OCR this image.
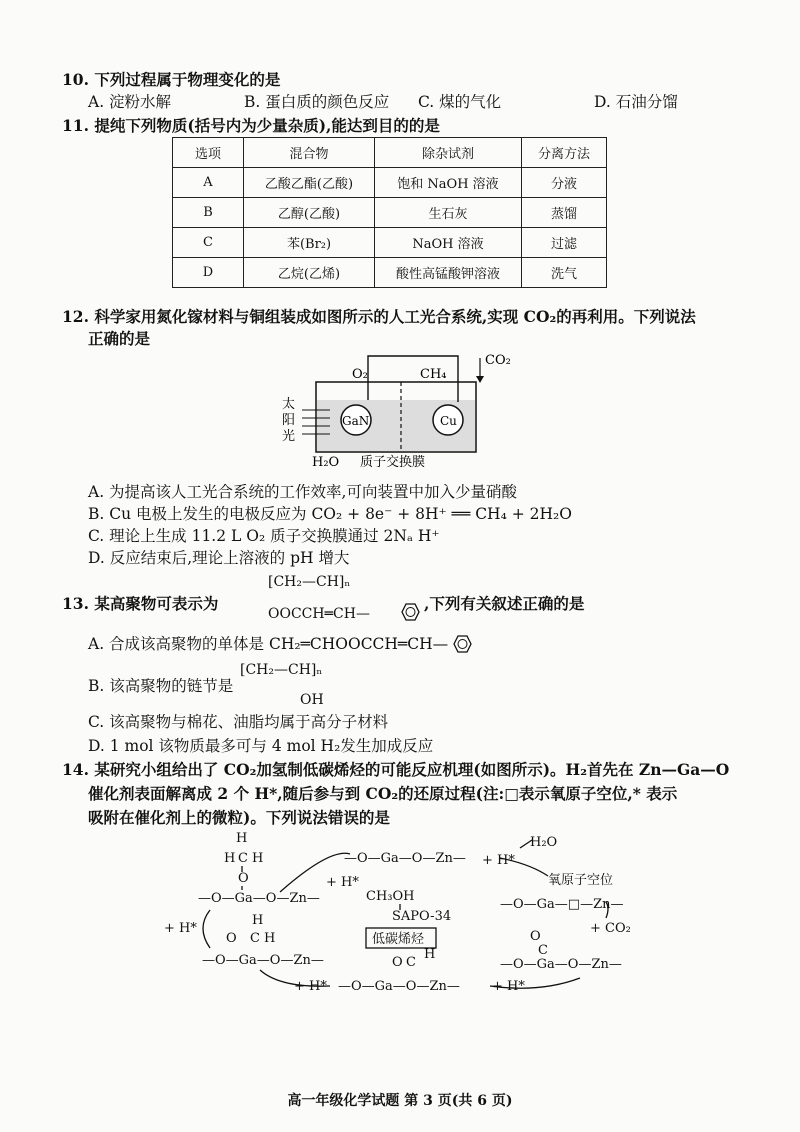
10. 下列过程属于物理变化的是
A. 淀粉水解	B. 蛋白质的颜色反应 C. 煤的气化	D. 石油分馏
11. 提纯下列物质(括号内为少量杂质),能达到目的的是
选项	混合物	除杂试剂	分离方法
A	乙酸乙酯(乙酸)	饱和 NaOH 溶液	分液
B	乙醇(乙酸)	生石灰	蒸馏
C	苯(Br₂)	NaOH 溶液	过滤
D	乙烷(乙烯)	酸性高锰酸钾溶液	洗气
12. 科学家用氮化镓材料与铜组装成如图所示的人工光合系统,实现 CO₂的再利用。下列说法
正确的是
O₂	CH₄
CO₂
太
阳
光
GaN	Cu
H₂O 质子交换膜
A. 为提高该人工光合系统的工作效率,可向装置中加入少量硝酸
B. Cu 电极上发生的电极反应为 CO₂ + 8e⁻ + 8H⁺ ══ CH₄ + 2H₂O
C. 理论上生成 11.2 L O₂ 质子交换膜通过 2Nₐ H⁺
D. 反应结束后,理论上溶液的 pH 增大
[CH₂—CH]ₙ
13. 某高聚物可表示为
OOCCH═CH—
,下列有关叙述正确的是
A. 合成该高聚物的单体是 CH₂═CHOOCCH═CH—
[CH₂—CH]ₙ
B. 该高聚物的链节是
OH
C. 该高聚物与棉花、油脂均属于高分子材料
D. 1 mol 该物质最多可与 4 mol H₂发生加成反应
14. 某研究小组给出了 CO₂加氢制低碳烯烃的可能反应机理(如图所示)。H₂首先在 Zn—Ga—O
催化剂表面解离成 2 个 H*,随后参与到 CO₂的还原过程(注:□表示氧原子空位,* 表示
吸附在催化剂上的微粒)。下列说法错误的是
H
H C H
O
—O—Ga—O—Zn—
—O—Ga—O—Zn—
H₂O
+ H*
+ H*
CH₃OH
SAPO-34
低碳烯烃
氧原子空位
—O—Ga—□—Zn—
+ CO₂
+ H*
H
O C H
—O—Ga—O—Zn—
O
C
—O—Ga—O—Zn—
O C
H
—O—Ga—O—Zn—
+ H*	+ H*
高一年级化学试题 第 3 页(共 6 页)
